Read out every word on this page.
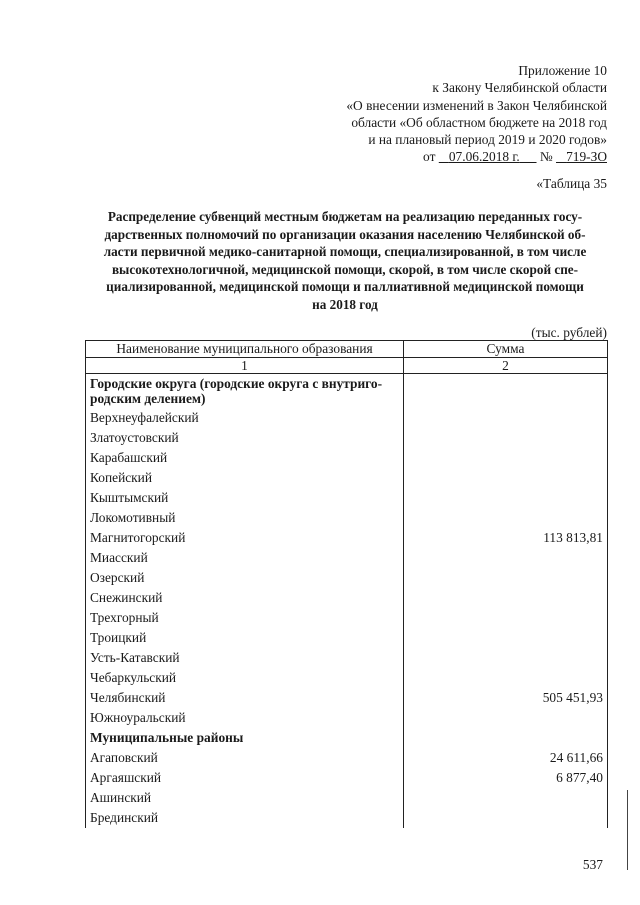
Приложение 10
к Закону Челябинской области
«О внесении изменений в Закон Челябинской
области «Об областном бюджете на 2018 год
и на плановый период 2019 и 2020 годов»
от 07.06.2018 г. № 719-ЗО
«Таблица 35
Распределение субвенций местным бюджетам на реализацию переданных госу-
дарственных полномочий по организации оказания населению Челябинской об-
ласти первичной медико-санитарной помощи, специализированной, в том числе
высокотехнологичной, медицинской помощи, скорой, в том числе скорой спе-
циализированной, медицинской помощи и паллиативной медицинской помощи
на 2018 год
(тыс. рублей)
Наименование муниципального образования	Сумма
1	2
Городские округа (городские округа с внутриго-
родским делением)	
Верхнеуфалейский	
Златоустовский	
Карабашский	
Копейский	
Кыштымский	
Локомотивный	
Магнитогорский	113 813,81
Миасский	
Озерский	
Снежинский	
Трехгорный	
Троицкий	
Усть-Катавский	
Чебаркульский	
Челябинский	505 451,93
Южноуральский	
Муниципальные районы	
Агаповский	24 611,66
Аргаяшский	6 877,40
Ашинский	
Брединский	
537
